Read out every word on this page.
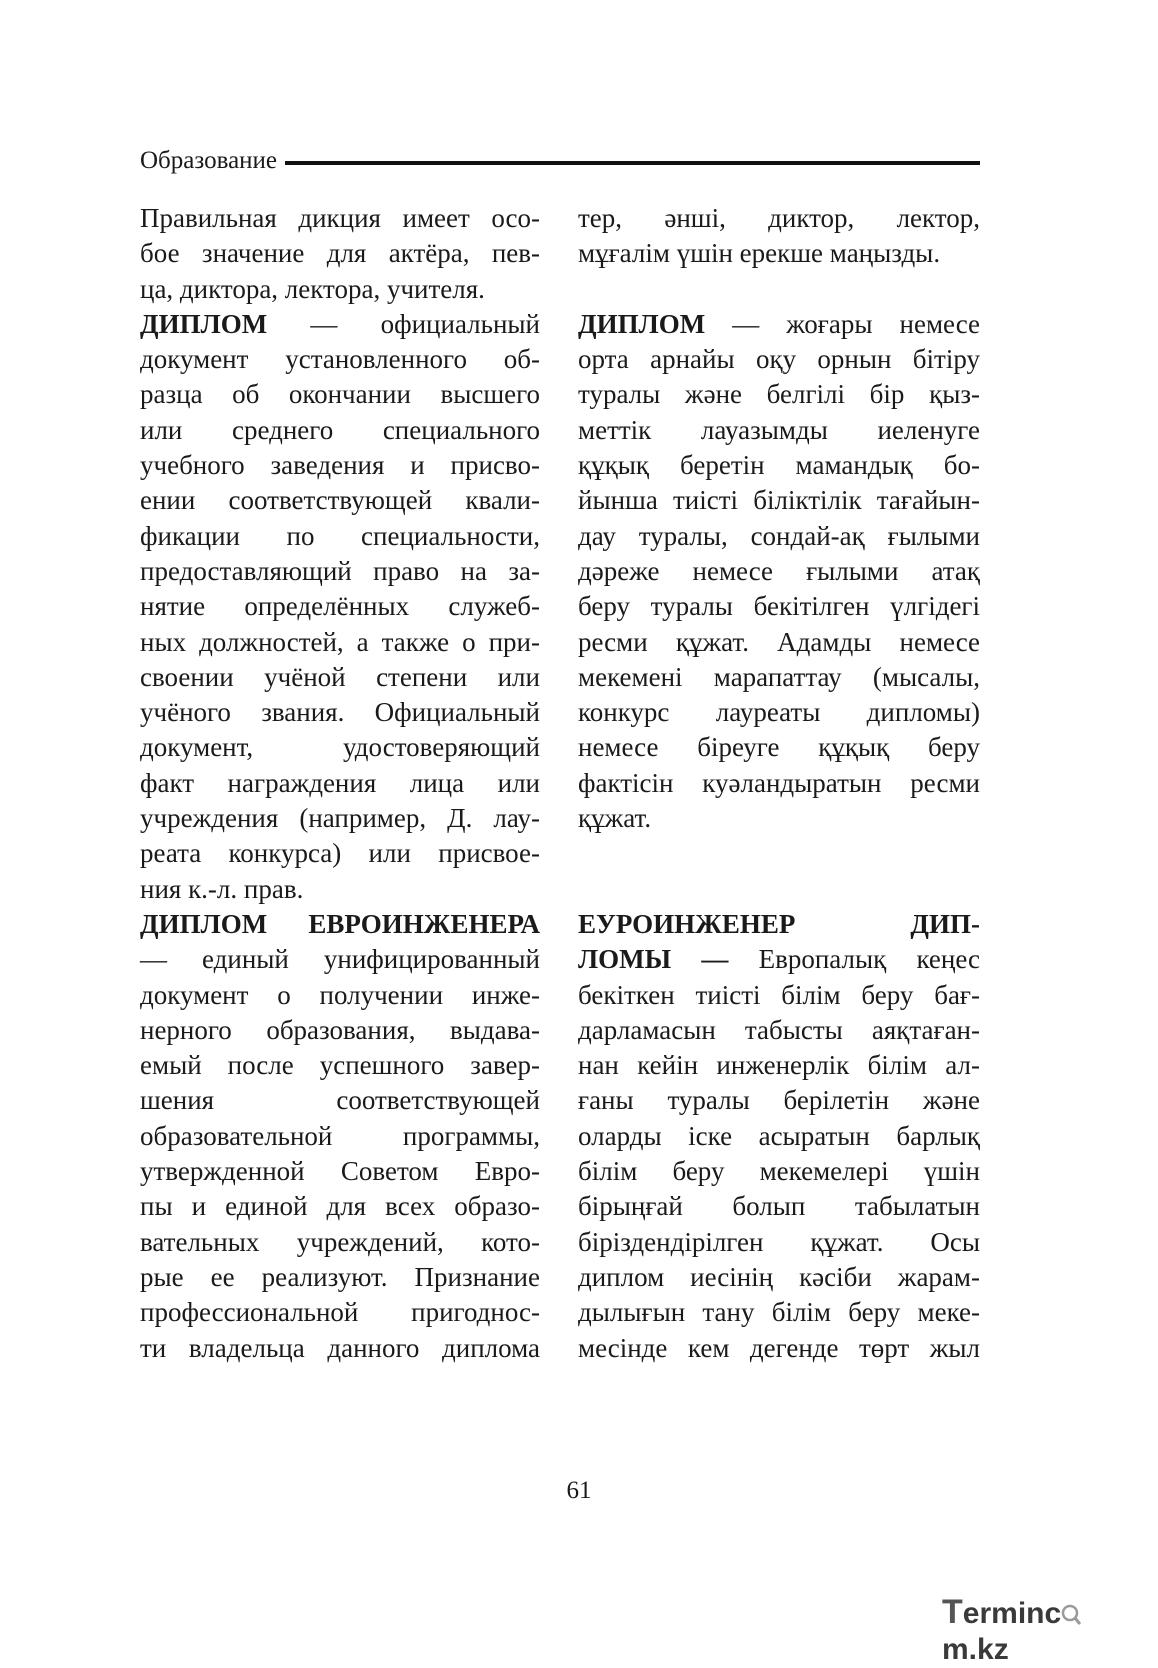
Образование
Правильная дикция имеет осо-
бое значение для актёра, пев-
ца, диктора, лектора, учителя.
ДИПЛОМ — официальный
документ установленного об-
разца об окончании высшего
или среднего специального
учебного заведения и присво-
ении соответствующей квали-
фикации по специальности,
предоставляющий право на за-
нятие определённых служеб-
ных должностей, а также о при-
своении учёной степени или
учёного звания. Официальный
документ, удостоверяющий
факт награждения лица или
учреждения (например, Д. лау-
реата конкурса) или присвое-
ния к.-л. прав.
ДИПЛОМ ЕВРОИНЖЕНЕРА
— единый унифицированный
документ о получении инже-
нерного образования, выдава-
емый после успешного завер-
шения соответствующей
образовательной программы,
утвержденной Советом Евро-
пы и единой для всех образо-
вательных учреждений, кото-
рые ее реализуют. Признание
профессиональной пригоднос-
ти владельца данного диплома
тер, әнші, диктор, лектор,
мұғалім үшін ерекше маңызды.
ДИПЛОМ — жоғары немесе
орта арнайы оқу орнын бітіру
туралы және белгілі бір қыз-
меттік лауазымды иеленуге
құқық беретін мамандық бо-
йынша тиісті біліктілік тағайын-
дау туралы, сондай-ақ ғылыми
дәреже немесе ғылыми атақ
беру туралы бекітілген үлгідегі
ресми құжат. Адамды немесе
мекемені марапаттау (мысалы,
конкурс лауреаты дипломы)
немесе біреуге құқық беру
фактісін куәландыратын ресми
құжат.
ЕУРОИНЖЕНЕР ДИП-
ЛОМЫ — Европалық кеңес
бекіткен тиісті білім беру бағ-
дарламасын табысты аяқтаған-
нан кейін инженерлік білім ал-
ғаны туралы берілетін және
оларды іске асыратын барлық
білім беру мекемелері үшін
бірыңғай болып табылатын
біріздендірілген құжат. Осы
диплом иесінің кәсіби жарам-
дылығын тану білім беру меке-
месінде кем дегенде төрт жыл
61
Termincm.kz
